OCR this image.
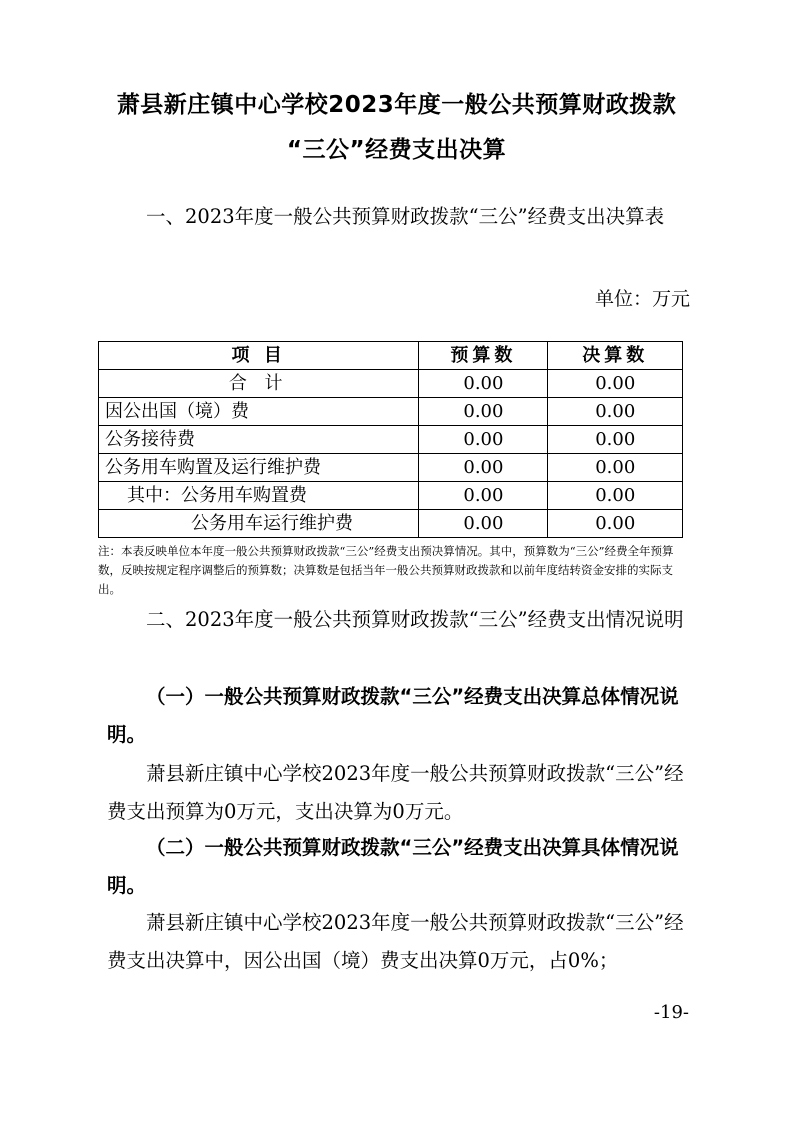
萧县新庄镇中心学校2023年度一般公共预算财政拨款
“三公”经费支出决算

一、2023年度一般公共预算财政拨款“三公”经费支出决算表

单位：万元
项 目	预算数	决算数
合 计	0.00	0.00
因公出国（境）费	0.00	0.00
公务接待费	0.00	0.00
公务用车购置及运行维护费	0.00	0.00
其中：公务用车购置费	0.00	0.00
公务用车运行维护费	0.00	0.00

注：本表反映单位本年度一般公共预算财政拨款“三公”经费支出预决算情况。其中，预算数为“三公”经费全年预算数，反映按规定程序调整后的预算数；决算数是包括当年一般公共预算财政拨款和以前年度结转资金安排的实际支出。

二、2023年度一般公共预算财政拨款“三公”经费支出情况说明

（一）一般公共预算财政拨款“三公”经费支出决算总体情况说明。

萧县新庄镇中心学校2023年度一般公共预算财政拨款“三公”经费支出预算为0万元，支出决算为0万元。

（二）一般公共预算财政拨款“三公”经费支出决算具体情况说明。

萧县新庄镇中心学校2023年度一般公共预算财政拨款“三公”经费支出决算中，因公出国（境）费支出决算0万元，占0%；

-19-
